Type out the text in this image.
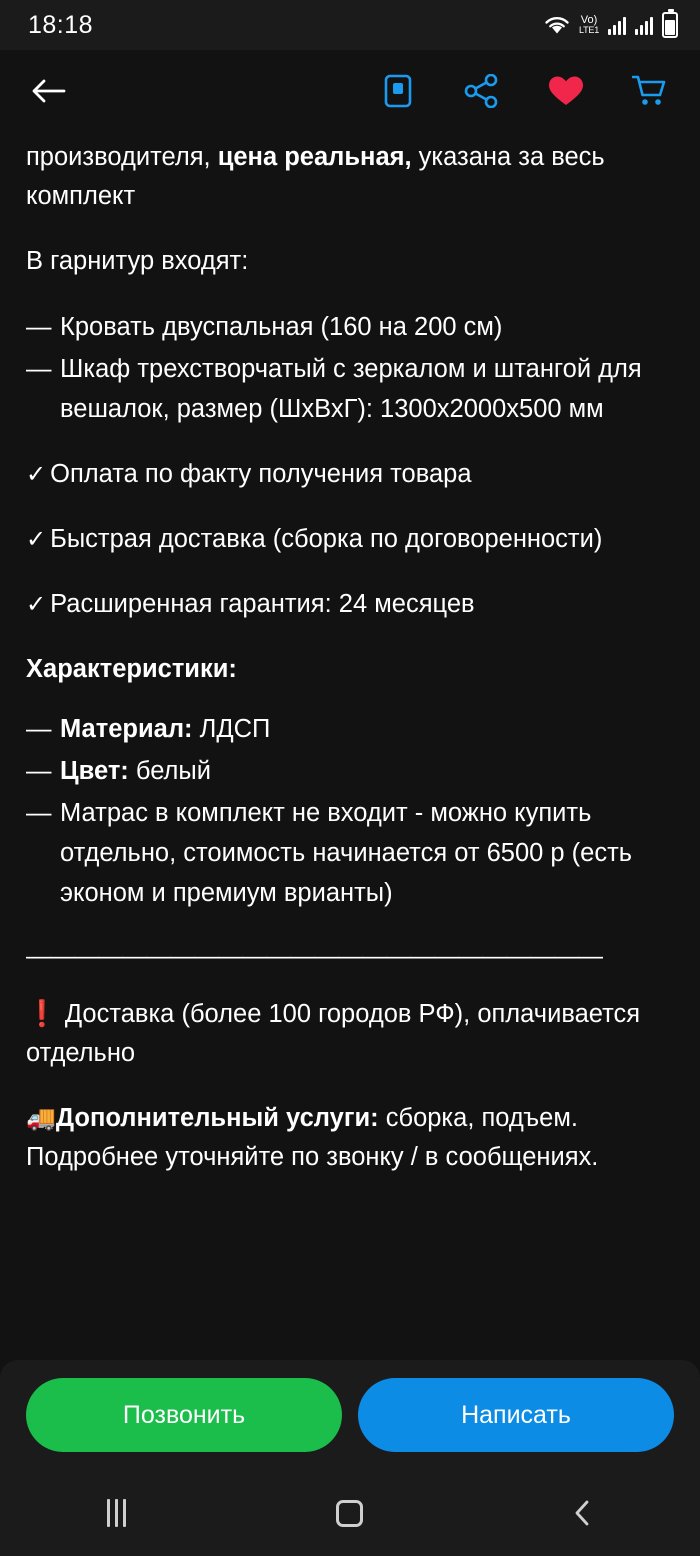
18:18	Vo)
LTE1

производителя, цена реальная, указана за весь комплект

В гарнитур входят:

— Кровать двуспальная (160 на 200 см)
— Шкаф трехстворчатый с зеркалом и штангой для вешалок, размер (ШхВхГ): 1300x2000x500 мм

✓ Оплата по факту получения товара

✓ Быстрая доставка (сборка по договоренности)

✓ Расширенная гарантия: 24 месяцев

Характеристики:

— Материал: ЛДСП
— Цвет: белый
— Матрас в комплект не входит - можно купить отдельно, стоимость начинается от 6500 р (есть эконом и премиум врианты)
————————————————————————

❗ Доставка (более 100 городов РФ), оплачивается отдельно

🚚Дополнительный услуги: сборка, подъем. Подробнее уточняйте по звонку / в сообщениях.

Позвонить	Написать
